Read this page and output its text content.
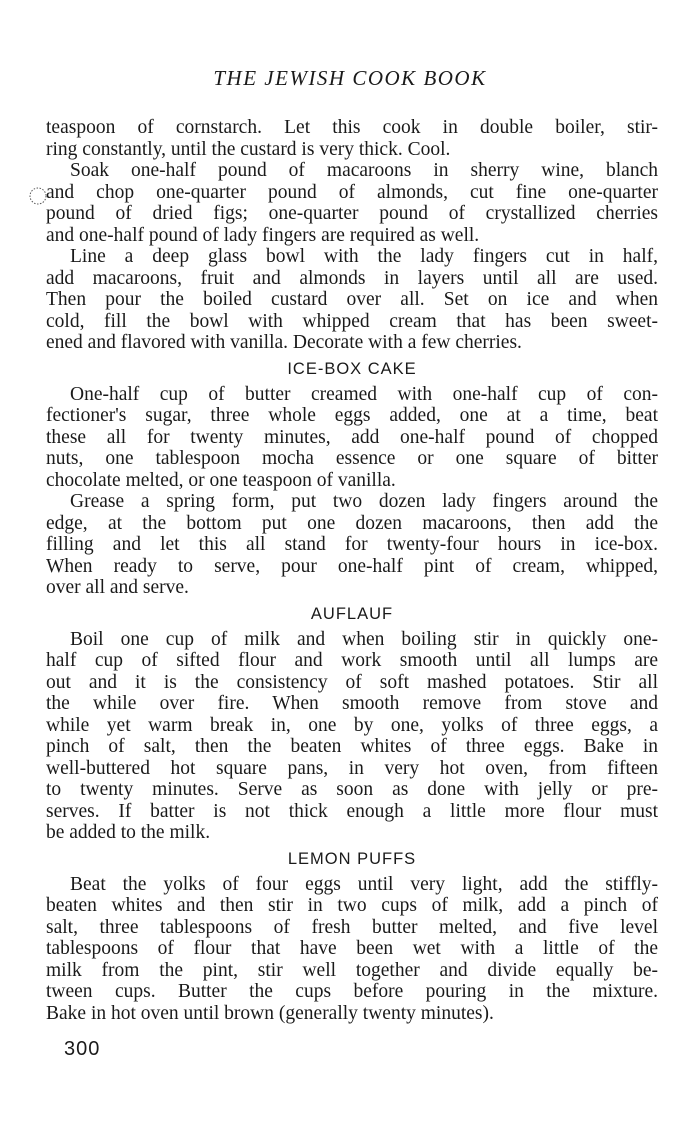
THE JEWISH COOK BOOK
teaspoon of cornstarch. Let this cook in double boiler, stir-
ring constantly, until the custard is very thick. Cool.
Soak one-half pound of macaroons in sherry wine, blanch
and chop one-quarter pound of almonds, cut fine one-quarter
pound of dried figs; one-quarter pound of crystallized cherries
and one-half pound of lady fingers are required as well.
Line a deep glass bowl with the lady fingers cut in half,
add macaroons, fruit and almonds in layers until all are used.
Then pour the boiled custard over all. Set on ice and when
cold, fill the bowl with whipped cream that has been sweet-
ened and flavored with vanilla. Decorate with a few cherries.
ICE-BOX CAKE
One-half cup of butter creamed with one-half cup of con-
fectioner's sugar, three whole eggs added, one at a time, beat
these all for twenty minutes, add one-half pound of chopped
nuts, one tablespoon mocha essence or one square of bitter
chocolate melted, or one teaspoon of vanilla.
Grease a spring form, put two dozen lady fingers around the
edge, at the bottom put one dozen macaroons, then add the
filling and let this all stand for twenty-four hours in ice-box.
When ready to serve, pour one-half pint of cream, whipped,
over all and serve.
AUFLAUF
Boil one cup of milk and when boiling stir in quickly one-
half cup of sifted flour and work smooth until all lumps are
out and it is the consistency of soft mashed potatoes. Stir all
the while over fire. When smooth remove from stove and
while yet warm break in, one by one, yolks of three eggs, a
pinch of salt, then the beaten whites of three eggs. Bake in
well-buttered hot square pans, in very hot oven, from fifteen
to twenty minutes. Serve as soon as done with jelly or pre-
serves. If batter is not thick enough a little more flour must
be added to the milk.
LEMON PUFFS
Beat the yolks of four eggs until very light, add the stiffly-
beaten whites and then stir in two cups of milk, add a pinch of
salt, three tablespoons of fresh butter melted, and five level
tablespoons of flour that have been wet with a little of the
milk from the pint, stir well together and divide equally be-
tween cups. Butter the cups before pouring in the mixture.
Bake in hot oven until brown (generally twenty minutes).
300
